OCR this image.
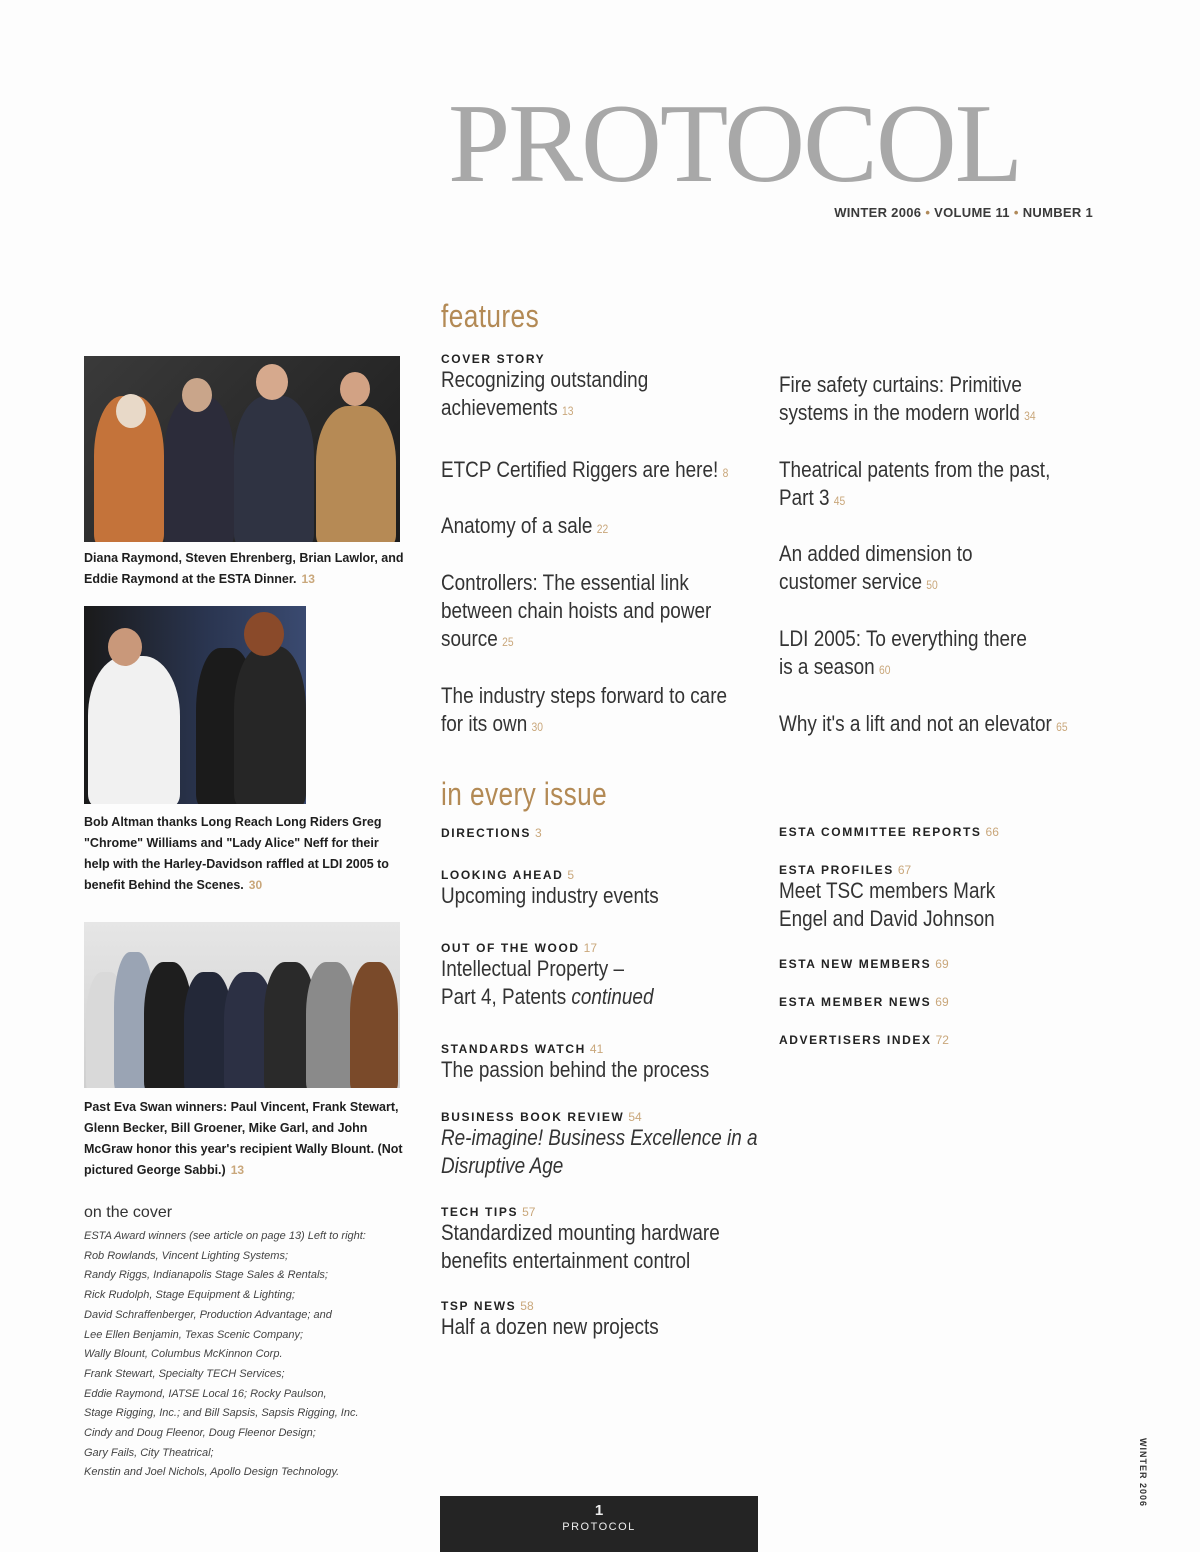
PROTOCOL
WINTER 2006 • VOLUME 11 • NUMBER 1
features
COVER STORY
Recognizing outstanding achievements 13
ETCP Certified Riggers are here! 8
Anatomy of a sale 22
Controllers: The essential link between chain hoists and power source 25
The industry steps forward to care for its own 30
Fire safety curtains: Primitive systems in the modern world 34
Theatrical patents from the past, Part 3 45
An added dimension to customer service 50
LDI 2005: To everything there is a season 60
Why it's a lift and not an elevator 65
in every issue
DIRECTIONS 3
LOOKING AHEAD 5
Upcoming industry events
OUT OF THE WOOD 17
Intellectual Property –
Part 4, Patents continued
STANDARDS WATCH 41
The passion behind the process
BUSINESS BOOK REVIEW 54
Re-imagine! Business Excellence in a Disruptive Age
TECH TIPS 57
Standardized mounting hardware benefits entertainment control
TSP NEWS 58
Half a dozen new projects
ESTA COMMITTEE REPORTS 66
ESTA PROFILES 67
Meet TSC members Mark Engel and David Johnson
ESTA NEW MEMBERS 69
ESTA MEMBER NEWS 69
ADVERTISERS INDEX 72
Diana Raymond, Steven Ehrenberg, Brian Lawlor, and Eddie Raymond at the ESTA Dinner. 13
Bob Altman thanks Long Reach Long Riders Greg "Chrome" Williams and "Lady Alice" Neff for their help with the Harley-Davidson raffled at LDI 2005 to benefit Behind the Scenes. 30
Past Eva Swan winners: Paul Vincent, Frank Stewart, Glenn Becker, Bill Groener, Mike Garl, and John McGraw honor this year's recipient Wally Blount. (Not pictured George Sabbi.) 13
on the cover
ESTA Award winners (see article on page 13) Left to right:
Rob Rowlands, Vincent Lighting Systems;
Randy Riggs, Indianapolis Stage Sales & Rentals;
Rick Rudolph, Stage Equipment & Lighting;
David Schraffenberger, Production Advantage; and
Lee Ellen Benjamin, Texas Scenic Company;
Wally Blount, Columbus McKinnon Corp.
Frank Stewart, Specialty TECH Services;
Eddie Raymond, IATSE Local 16; Rocky Paulson,
Stage Rigging, Inc.; and Bill Sapsis, Sapsis Rigging, Inc.
Cindy and Doug Fleenor, Doug Fleenor Design;
Gary Fails, City Theatrical;
Kenstin and Joel Nichols, Apollo Design Technology.
1
PROTOCOL
WINTER 2006
